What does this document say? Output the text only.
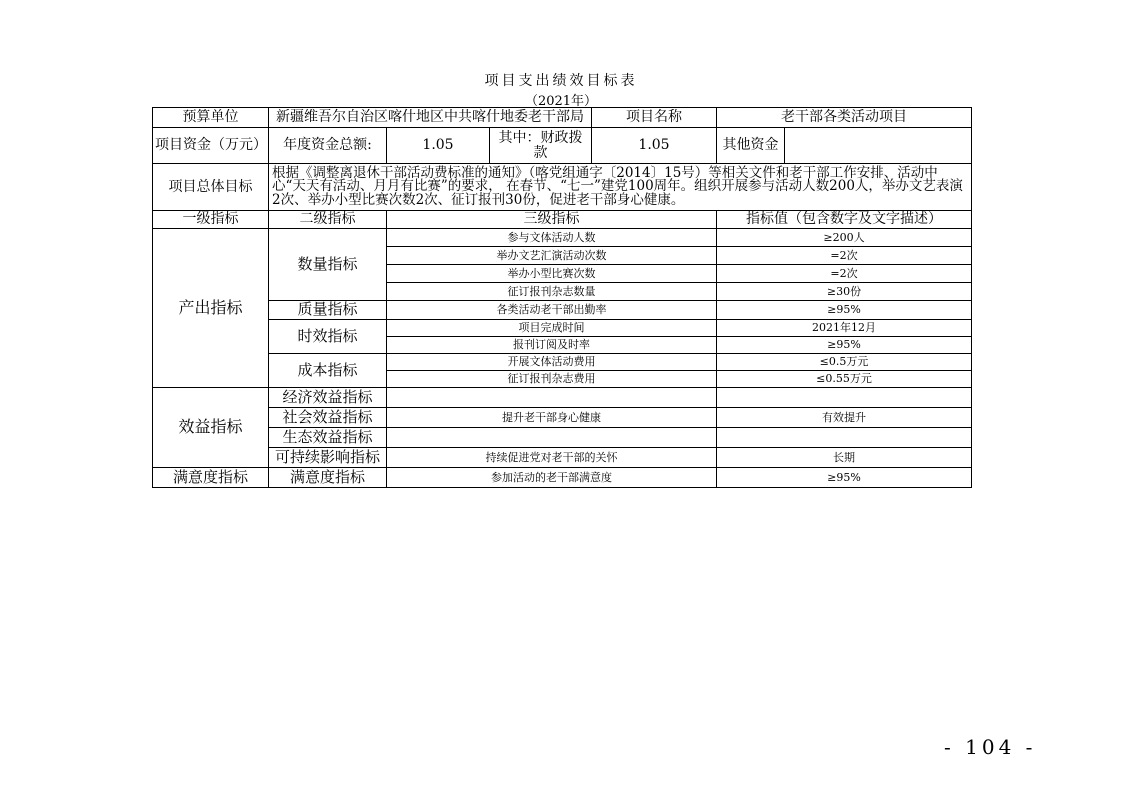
项目支出绩效目标表
（2021年）
预算单位	新疆维吾尔自治区喀什地区中共喀什地委老干部局			项目名称	老干部各类活动项目	
项目资金（万元）	年度资金总额:	1.05	其中：财政拨款	1.05	其他资金	
项目总体目标	根据《调整离退休干部活动费标准的通知》（喀党组通字〔2014〕15号）等相关文件和老干部工作安排、活动中心“天天有活动、月月有比赛”的要求， 在春节、“七一”建党100周年。组织开展参与活动人数200人，举办文艺表演2次、举办小型比赛次数2次、征订报刊30份，促进老干部身心健康。					
一级指标	二级指标	三级指标			指标值（包含数字及文字描述）	
产出指标	数量指标	参与文体活动人数			≥200人	
		举办文艺汇演活动次数			=2次	
		举办小型比赛次数			=2次	
		征订报刊杂志数量			≥30份	
	质量指标	各类活动老干部出勤率			≥95%	
	时效指标	项目完成时间			2021年12月	
		报刊订阅及时率			≥95%	
	成本指标	开展文体活动费用			≤0.5万元	
		征订报刊杂志费用			≤0.55万元	
效益指标	经济效益指标					
	社会效益指标	提升老干部身心健康			有效提升	
	生态效益指标					
	可持续影响指标	持续促进党对老干部的关怀			长期	
满意度指标	满意度指标	参加活动的老干部满意度			≥95%	
- 104 -
